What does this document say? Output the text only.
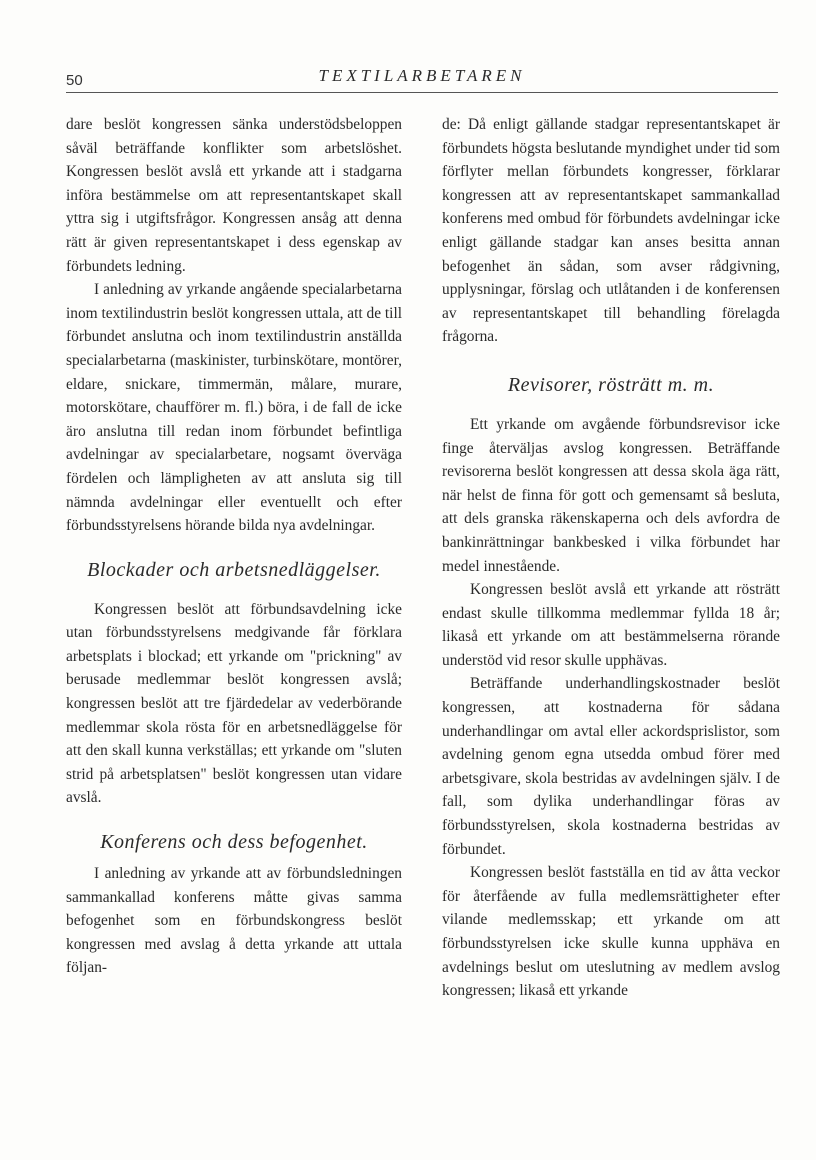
50	TEXTILARBETAREN

dare beslöt kongressen sänka understödsbeloppen såväl beträffande konflikter som arbetslöshet. Kongressen beslöt avslå ett yrkande att i stadgarna införa bestämmelse om att representantskapet skall yttra sig i utgiftsfrågor. Kongressen ansåg att denna rätt är given representantskapet i dess egenskap av förbundets ledning.

I anledning av yrkande angående specialarbetarna inom textilindustrin beslöt kongressen uttala, att de till förbundet anslutna och inom textilindustrin anställda specialarbetarna (maskinister, turbinskötare, montörer, eldare, snickare, timmermän, målare, murare, motorskötare, chaufförer m. fl.) böra, i de fall de icke äro anslutna till redan inom förbundet befintliga avdelningar av specialarbetare, nogsamt överväga fördelen och lämpligheten av att ansluta sig till nämnda avdelningar eller eventuellt och efter förbundsstyrelsens hörande bilda nya avdelningar.

Blockader och arbetsnedläggelser.

Kongressen beslöt att förbundsavdelning icke utan förbundsstyrelsens medgivande får förklara arbetsplats i blockad; ett yrkande om "prickning" av berusade medlemmar beslöt kongressen avslå; kongressen beslöt att tre fjärdedelar av vederbörande medlemmar skola rösta för en arbetsnedläggelse för att den skall kunna verkställas; ett yrkande om "sluten strid på arbetsplatsen" beslöt kongressen utan vidare avslå.

Konferens och dess befogenhet.

I anledning av yrkande att av förbundsledningen sammankallad konferens måtte givas samma befogenhet som en förbundskongress beslöt kongressen med avslag å detta yrkande att uttala följan-

de: Då enligt gällande stadgar representantskapet är förbundets högsta beslutande myndighet under tid som förflyter mellan förbundets kongresser, förklarar kongressen att av representantskapet sammankallad konferens med ombud för förbundets avdelningar icke enligt gällande stadgar kan anses besitta annan befogenhet än sådan, som avser rådgivning, upplysningar, förslag och utlåtanden i de konferensen av representantskapet till behandling förelagda frågorna.

Revisorer, rösträtt m. m.

Ett yrkande om avgående förbundsrevisor icke finge återväljas avslog kongressen. Beträffande revisorerna beslöt kongressen att dessa skola äga rätt, när helst de finna för gott och gemensamt så besluta, att dels granska räkenskaperna och dels avfordra de bankinrättningar bankbesked i vilka förbundet har medel innestående.

Kongressen beslöt avslå ett yrkande att rösträtt endast skulle tillkomma medlemmar fyllda 18 år; likaså ett yrkande om att bestämmelserna rörande understöd vid resor skulle upphävas.

Beträffande underhandlingskostnader beslöt kongressen, att kostnaderna för sådana underhandlingar om avtal eller ackordsprislistor, som avdelning genom egna utsedda ombud förer med arbetsgivare, skola bestridas av avdelningen själv. I de fall, som dylika underhandlingar föras av förbundsstyrelsen, skola kostnaderna bestridas av förbundet.

Kongressen beslöt fastställa en tid av åtta veckor för återfående av fulla medlemsrättigheter efter vilande medlemsskap; ett yrkande om att förbundsstyrelsen icke skulle kunna upphäva en avdelnings beslut om uteslutning av medlem avslog kongressen; likaså ett yrkande
